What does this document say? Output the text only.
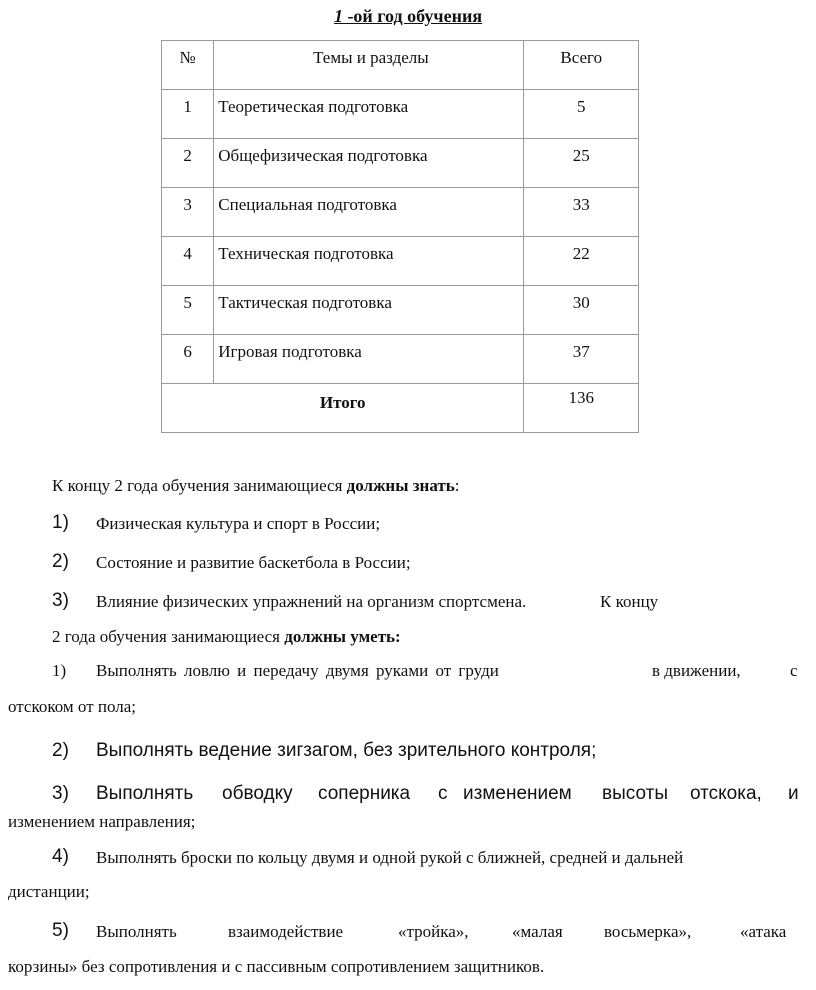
1 -ой год обучения
№	Темы и разделы	Всего

1	Теоретическая подготовка	5

2	Общефизическая подготовка	25

3	Специальная подготовка	33

4	Техническая подготовка	22

5	Тактическая подготовка	30

6	Игровая подготовка	37

Итого		136
К концу 2 года обучения занимающиеся должны знать:
1) Физическая культура и спорт в России;
2) Состояние и развитие баскетбола в России;
3) Влияние физических упражнений на организм спортсмена.	К концу
2 года обучения занимающиеся должны уметь:
1) Выполнять ловлю и передачу двумя руками от груди	в движении,	с
отскоком от пола;
2) Выполнять ведение зигзагом, без зрительного контроля;
3) Выполнять обводку соперника с изменением высоты отскока, и
изменением направления;
4) Выполнять броски по кольцу двумя и одной рукой с ближней, средней и дальней
дистанции;
5) Выполнять	взаимодействие	«тройка»,	«малая восьмерка»,	«атака
корзины» без сопротивления и с пассивным сопротивлением защитников.
